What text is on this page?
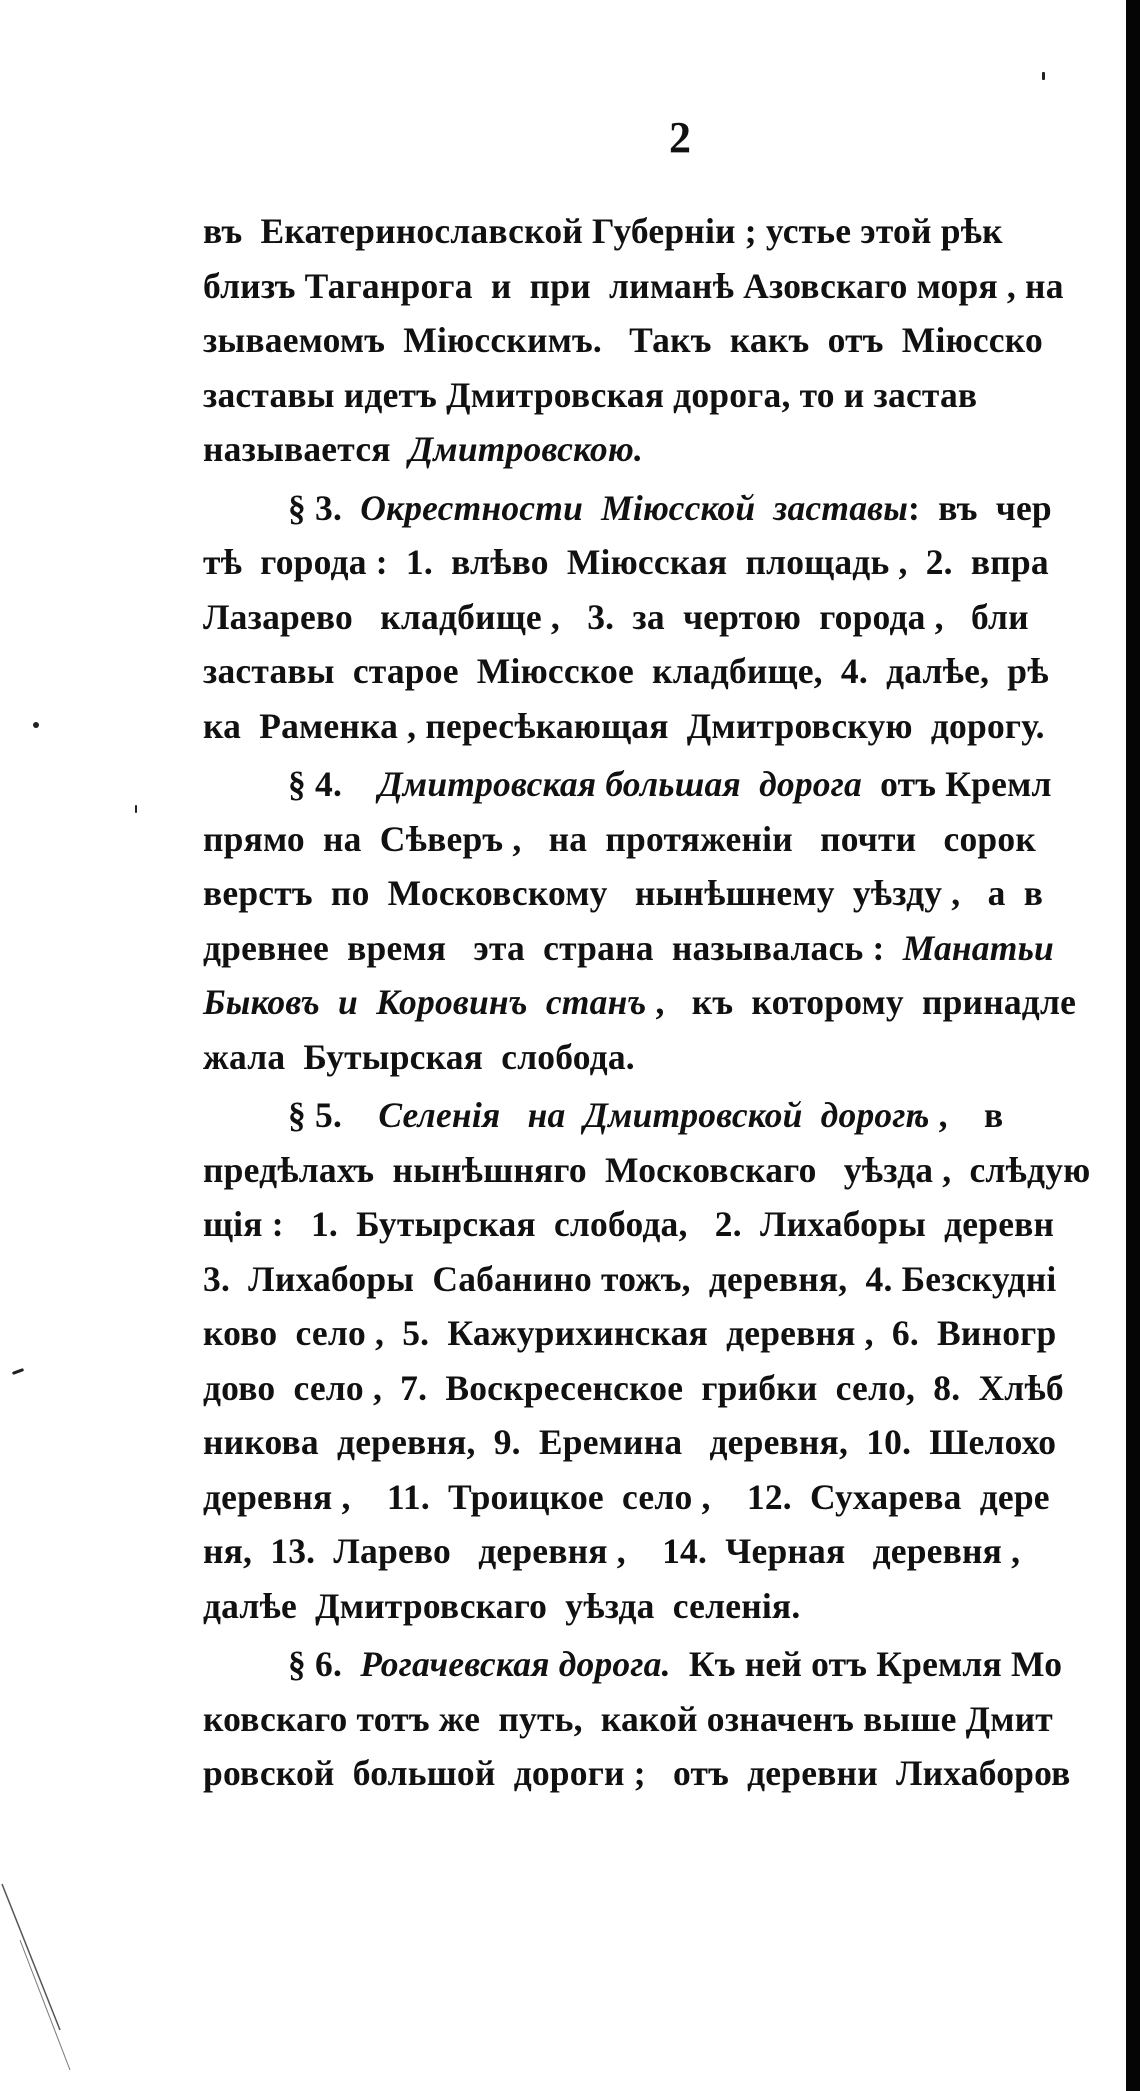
2
въ  Екатеринославской Губерніи ; устье этой рѣк
близъ Таганрога  и  при  лиманѣ Азовскаго моря , на
зываемомъ  Міюсскимъ.   Такъ  какъ  отъ  Міюсско
заставы идетъ Дмитровская дорога, то и застав
называется  Дмитровскою.
§ 3.  Окрестности  Міюсской  заставы:  въ  чер
тѣ  города :  1.  влѣво  Міюсская  площадь ,  2.  впра
Лазарево   кладбище ,   3.  за  чертою  города ,   бли
заставы  старое  Міюсское  кладбище,  4.  далѣе,  рѣ
ка  Раменка , пересѣкающая  Дмитровскую  дорогу.
§ 4.    Дмитровская большая  дорога  отъ Кремл
прямо  на  Сѣверъ ,   на  протяженіи   почти   сорок
верстъ  по  Московскому   нынѣшнему  уѣзду ,   а  в
древнее  время   эта  страна  называлась :  Манатьи
Быковъ  и  Коровинъ  станъ ,   къ  которому  принадле
жала  Бутырская  слобода.
§ 5.    Селенія   на  Дмитровской  дорогѣ ,    в
предѣлахъ  нынѣшняго  Московскаго   уѣзда ,  слѣдую
щія :   1.  Бутырская  слобода,   2.  Лихаборы  деревн
3.  Лихаборы  Сабанино тожъ,  деревня,  4. Безскудні
ково  село ,  5.  Кажурихинская  деревня ,  6.  Виногр
дово  село ,  7.  Воскресенское  грибки  село,  8.  Хлѣб
никова  деревня,  9.  Еремина   деревня,  10.  Шелохо
деревня ,    11.  Троицкое  село ,    12.  Сухарева  дере
ня,  13.  Ларево   деревня ,    14.  Черная   деревня ,
далѣе  Дмитровскаго  уѣзда  селенія.
§ 6.  Рогачевская дорога.  Къ ней отъ Кремля Мо
ковскаго тотъ же  путь,  какой означенъ выше Дмит
ровской  большой  дороги ;   отъ  деревни  Лихаборов
